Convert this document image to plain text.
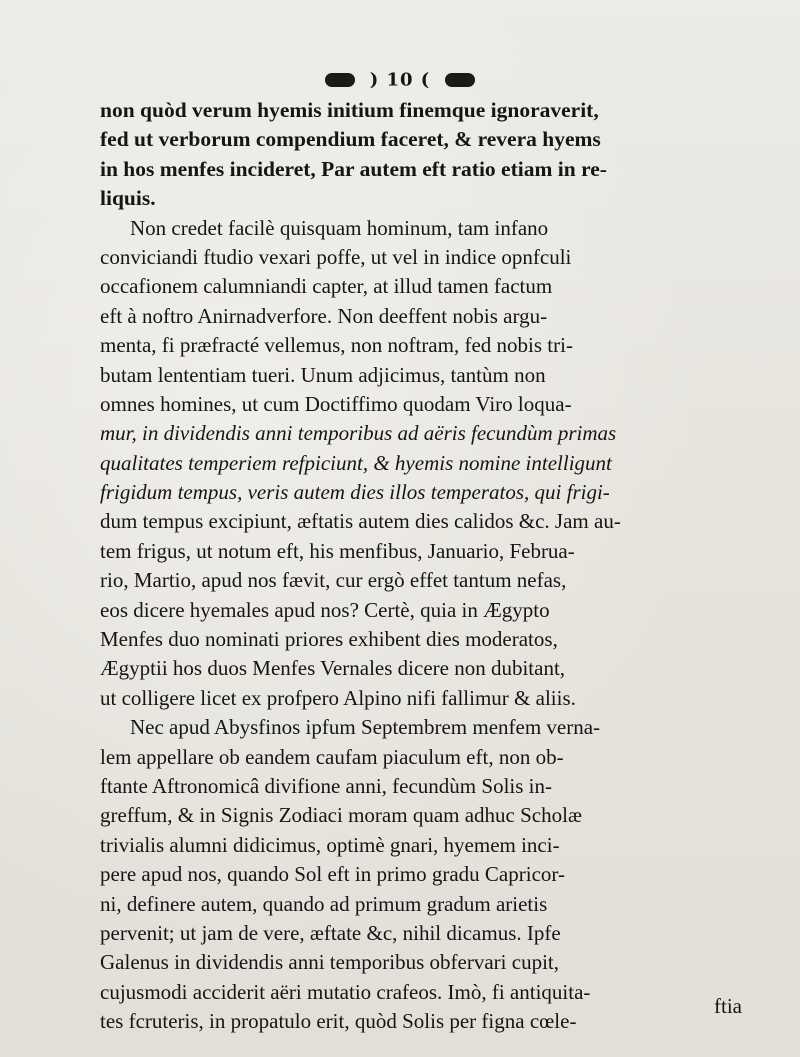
) 10 (
non quòd verum hyemis initium finemque ignoraverit,
fed ut verborum compendium faceret, & revera hyems
in hos menfes incideret, Par autem eft ratio etiam in re-
liquis.
Non credet facilè quisquam hominum, tam infano
conviciandi ftudio vexari poffe, ut vel in indice opnfculi
occafionem calumniandi capter, at illud tamen factum
eft à noftro Anirnadverfore. Non deeffent nobis argu-
menta, fi præfracté vellemus, non noftram, fed nobis tri-
butam lententiam tueri. Unum adjicimus, tantùm non
omnes homines, ut cum Doctiffimo quodam Viro loqua-
mur, in dividendis anni temporibus ad aëris fecundùm primas
qualitates temperiem refpiciunt, & hyemis nomine intelligunt
frigidum tempus, veris autem dies illos temperatos, qui frigi-
dum tempus excipiunt, æftatis autem dies calidos &c. Jam au-
tem frigus, ut notum eft, his menfibus, Januario, Februa-
rio, Martio, apud nos fævit, cur ergò effet tantum nefas,
eos dicere hyemales apud nos? Certè, quia in Ægypto
Menfes duo nominati priores exhibent dies moderatos,
Ægyptii hos duos Menfes Vernales dicere non dubitant,
ut colligere licet ex profpero Alpino nifi fallimur & aliis.
Nec apud Abysfinos ipfum Septembrem menfem verna-
lem appellare ob eandem caufam piaculum eft, non ob-
ftante Aftronomicâ divifione anni, fecundùm Solis in-
greffum, & in Signis Zodiaci moram quam adhuc Scholæ
trivialis alumni didicimus, optimè gnari, hyemem inci-
pere apud nos, quando Sol eft in primo gradu Capricor-
ni, definere autem, quando ad primum gradum arietis
pervenit; ut jam de vere, æftate &c, nihil dicamus. Ipfe
Galenus in dividendis anni temporibus obfervari cupit,
cujusmodi acciderit aëri mutatio crafeos. Imò, fi antiquita-
tes fcruteris, in propatulo erit, quòd Solis per figna cœle-
ftia
